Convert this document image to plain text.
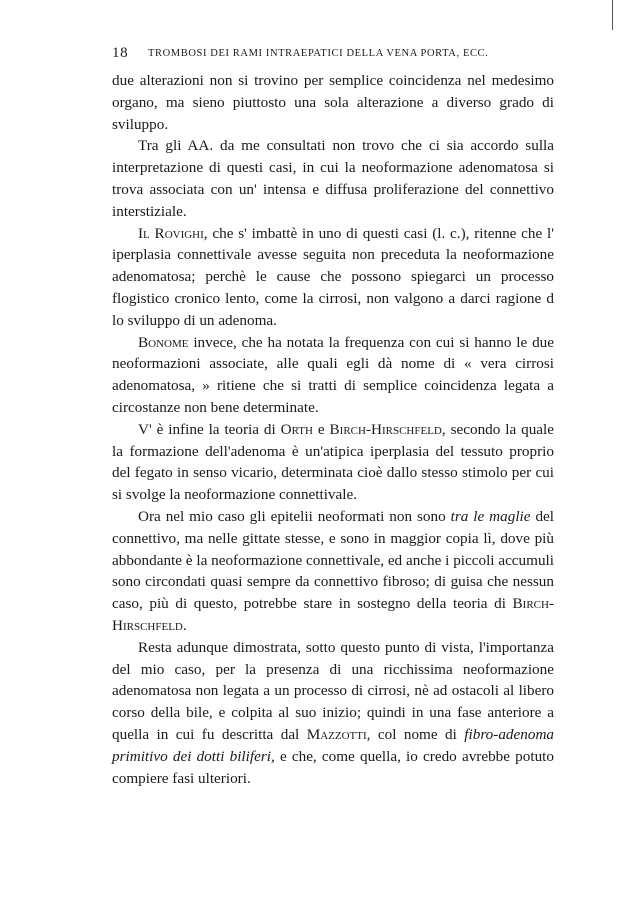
18 TROMBOSI DEI RAMI INTRAEPATICI DELLA VENA PORTA, ECC.

due alterazioni non si trovino per semplice coincidenza nel medesimo organo, ma sieno piuttosto una sola alterazione a diverso grado di sviluppo.

Tra gli AA. da me consultati non trovo che ci sia accordo sulla interpretazione di questi casi, in cui la neoformazione adenomatosa si trova associata con un' intensa e diffusa proliferazione del connettivo interstiziale.

Il Rovighi, che s' imbattè in uno di questi casi (l. c.), ritenne che l' iperplasia connettivale avesse seguita non preceduta la neoformazione adenomatosa; perchè le cause che possono spiegarci un processo flogistico cronico lento, come la cirrosi, non valgono a darci ragione d lo sviluppo di un adenoma.

Bonome invece, che ha notata la frequenza con cui si hanno le due neoformazioni associate, alle quali egli dà nome di « vera cirrosi adenomatosa, » ritiene che si tratti di semplice coincidenza legata a circostanze non bene determinate.

V' è infine la teoria di Orth e Birch-Hirschfeld, secondo la quale la formazione dell'adenoma è un'atipica iperplasia del tessuto proprio del fegato in senso vicario, determinata cioè dallo stesso stimolo per cui si svolge la neoformazione connettivale.

Ora nel mio caso gli epitelii neoformati non sono tra le maglie del connettivo, ma nelle gittate stesse, e sono in maggior copia lì, dove più abbondante è la neoformazione connettivale, ed anche i piccoli accumuli sono circondati quasi sempre da connettivo fibroso; di guisa che nessun caso, più di questo, potrebbe stare in sostegno della teoria di Birch-Hirschfeld.

Resta adunque dimostrata, sotto questo punto di vista, l'importanza del mio caso, per la presenza di una ricchissima neoformazione adenomatosa non legata a un processo di cirrosi, nè ad ostacoli al libero corso della bile, e colpita al suo inizio; quindi in una fase anteriore a quella in cui fu descritta dal Mazzotti, col nome di fibro-adenoma primitivo dei dotti biliferi, e che, come quella, io credo avrebbe potuto compiere fasi ulteriori.
